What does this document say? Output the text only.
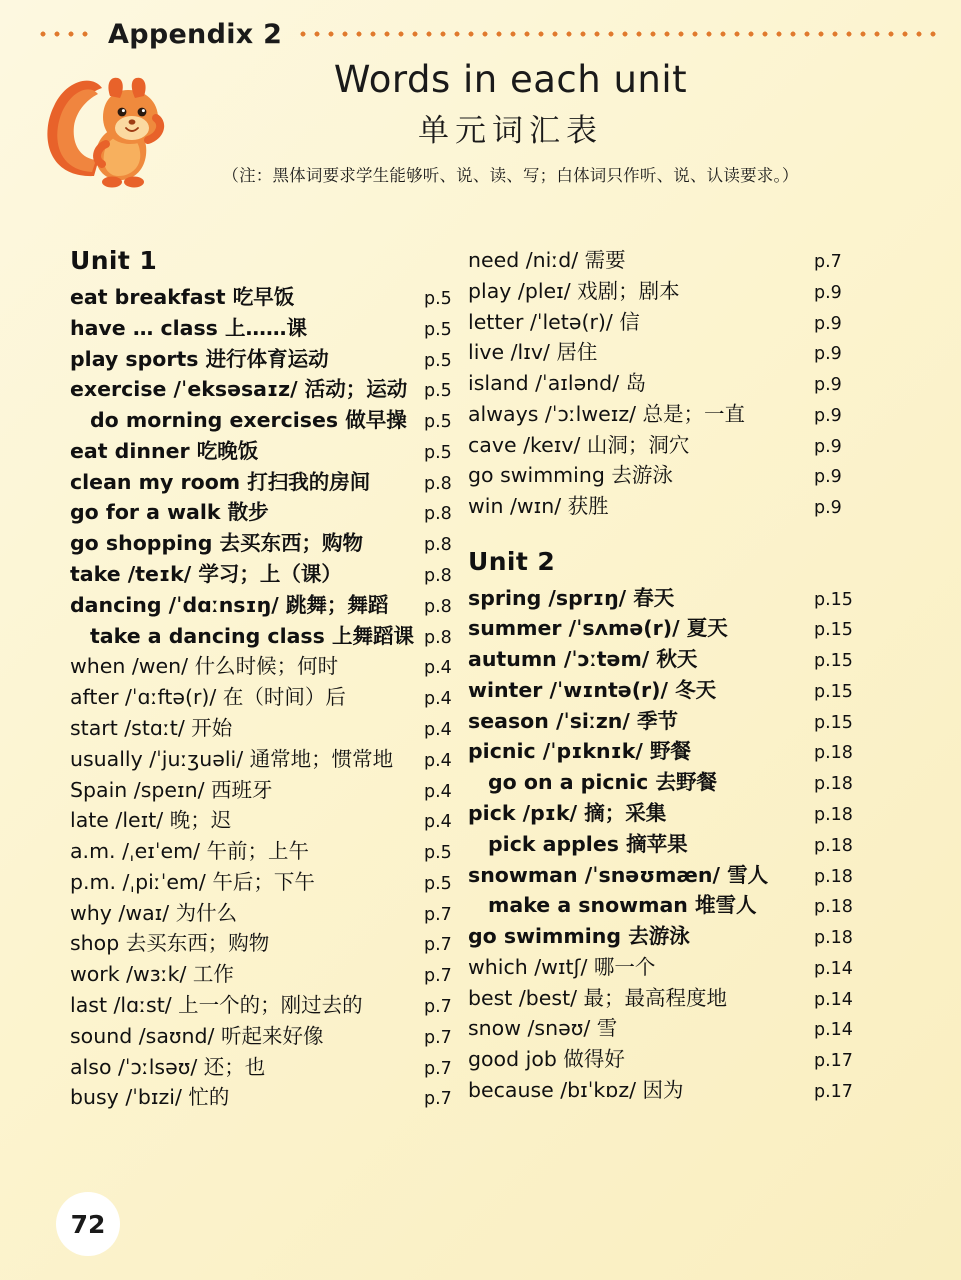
Appendix 2
Words in each unit
单元词汇表
（注：黑体词要求学生能够听、说、读、写；白体词只作听、说、认读要求。）
Unit 1
eat breakfast 吃早饭	p.5
have … class 上……课	p.5
play sports 进行体育运动	p.5
exercise /ˈeksəsaɪz/ 活动；运动 p.5
do morning exercises 做早操 p.5
eat dinner 吃晚饭	p.5
clean my room 打扫我的房间	p.8
go for a walk 散步	p.8
go shopping 去买东西；购物	p.8
take /teɪk/ 学习；上（课）	p.8
dancing /ˈdɑːnsɪŋ/ 跳舞；舞蹈	p.8
take a dancing class 上舞蹈课 p.8
when /wen/ 什么时候；何时	p.4
after /ˈɑːftə(r)/ 在（时间）后	p.4
start /stɑːt/ 开始	p.4
usually /ˈjuːʒuəli/ 通常地；惯常地	p.4
Spain /speɪn/ 西班牙	p.4
late /leɪt/ 晚；迟	p.4
a.m. /ˌeɪˈem/ 午前；上午	p.5
p.m. /ˌpiːˈem/ 午后；下午	p.5
why /waɪ/ 为什么	p.7
shop 去买东西；购物	p.7
work /wɜːk/ 工作	p.7
last /lɑːst/ 上一个的；刚过去的	p.7
sound /saʊnd/ 听起来好像	p.7
also /ˈɔːlsəʊ/ 还；也	p.7
busy /ˈbɪzi/ 忙的	p.7
need /niːd/ 需要	p.7
play /pleɪ/ 戏剧；剧本	p.9
letter /ˈletə(r)/ 信	p.9
live /lɪv/ 居住	p.9
island /ˈaɪlənd/ 岛	p.9
always /ˈɔːlweɪz/ 总是；一直	p.9
cave /keɪv/ 山洞；洞穴	p.9
go swimming 去游泳	p.9
win /wɪn/ 获胜	p.9
Unit 2
spring /sprɪŋ/ 春天	p.15
summer /ˈsʌmə(r)/ 夏天	p.15
autumn /ˈɔːtəm/ 秋天	p.15
winter /ˈwɪntə(r)/ 冬天	p.15
season /ˈsiːzn/ 季节	p.15
picnic /ˈpɪknɪk/ 野餐	p.18
go on a picnic 去野餐	p.18
pick /pɪk/ 摘；采集	p.18
pick apples 摘苹果	p.18
snowman /ˈsnəʊmæn/ 雪人	p.18
make a snowman 堆雪人	p.18
go swimming 去游泳	p.18
which /wɪtʃ/ 哪一个	p.14
best /best/ 最；最高程度地	p.14
snow /snəʊ/ 雪	p.14
good job 做得好	p.17
because /bɪˈkɒz/ 因为	p.17
72
